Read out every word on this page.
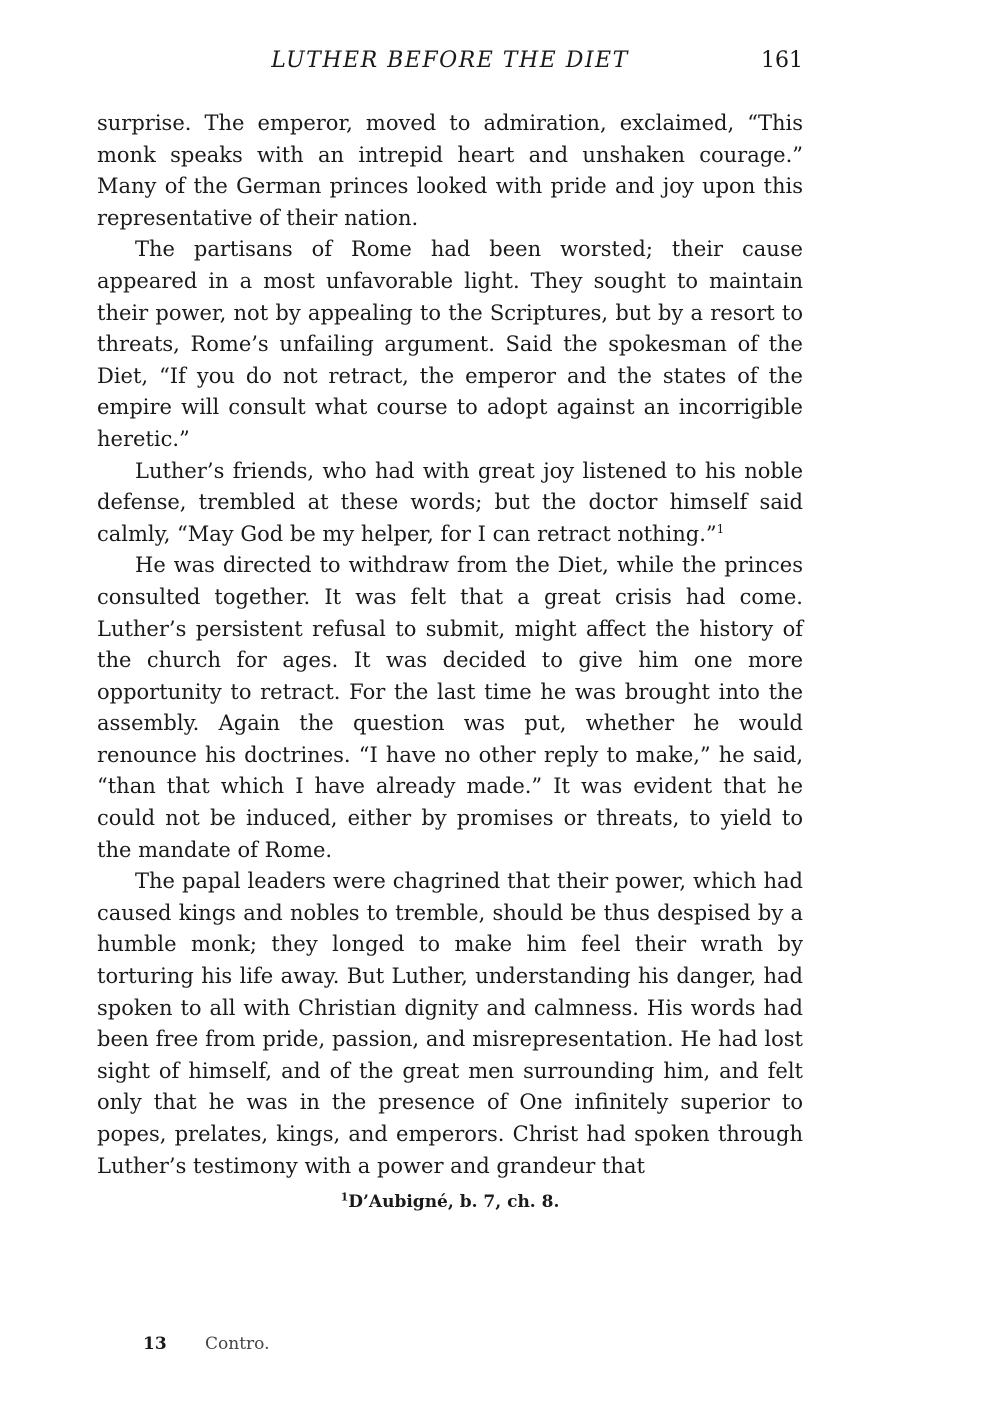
LUTHER BEFORE THE DIET	161

surprise. The emperor, moved to admiration, exclaimed, “This monk speaks with an intrepid heart and unshaken courage.” Many of the German princes looked with pride and joy upon this representative of their nation.

The partisans of Rome had been worsted; their cause appeared in a most unfavorable light. They sought to maintain their power, not by appealing to the Scriptures, but by a resort to threats, Rome’s unfailing argument. Said the spokesman of the Diet, “If you do not retract, the emperor and the states of the empire will consult what course to adopt against an incorrigible heretic.”

Luther’s friends, who had with great joy listened to his noble defense, trembled at these words; but the doctor himself said calmly, “May God be my helper, for I can retract nothing.”$^1$

He was directed to withdraw from the Diet, while the princes consulted together. It was felt that a great crisis had come. Luther’s persistent refusal to submit, might affect the history of the church for ages. It was decided to give him one more opportunity to retract. For the last time he was brought into the assembly. Again the question was put, whether he would renounce his doctrines. “I have no other reply to make,” he said, “than that which I have already made.” It was evident that he could not be induced, either by promises or threats, to yield to the mandate of Rome.

The papal leaders were chagrined that their power, which had caused kings and nobles to tremble, should be thus despised by a humble monk; they longed to make him feel their wrath by torturing his life away. But Luther, understanding his danger, had spoken to all with Christian dignity and calmness. His words had been free from pride, passion, and misrepresentation. He had lost sight of himself, and of the great men surrounding him, and felt only that he was in the presence of One infinitely superior to popes, prelates, kings, and emperors. Christ had spoken through Luther’s testimony with a power and grandeur that

$^1$D’Aubigné, b. 7, ch. 8.
13 Contro.
